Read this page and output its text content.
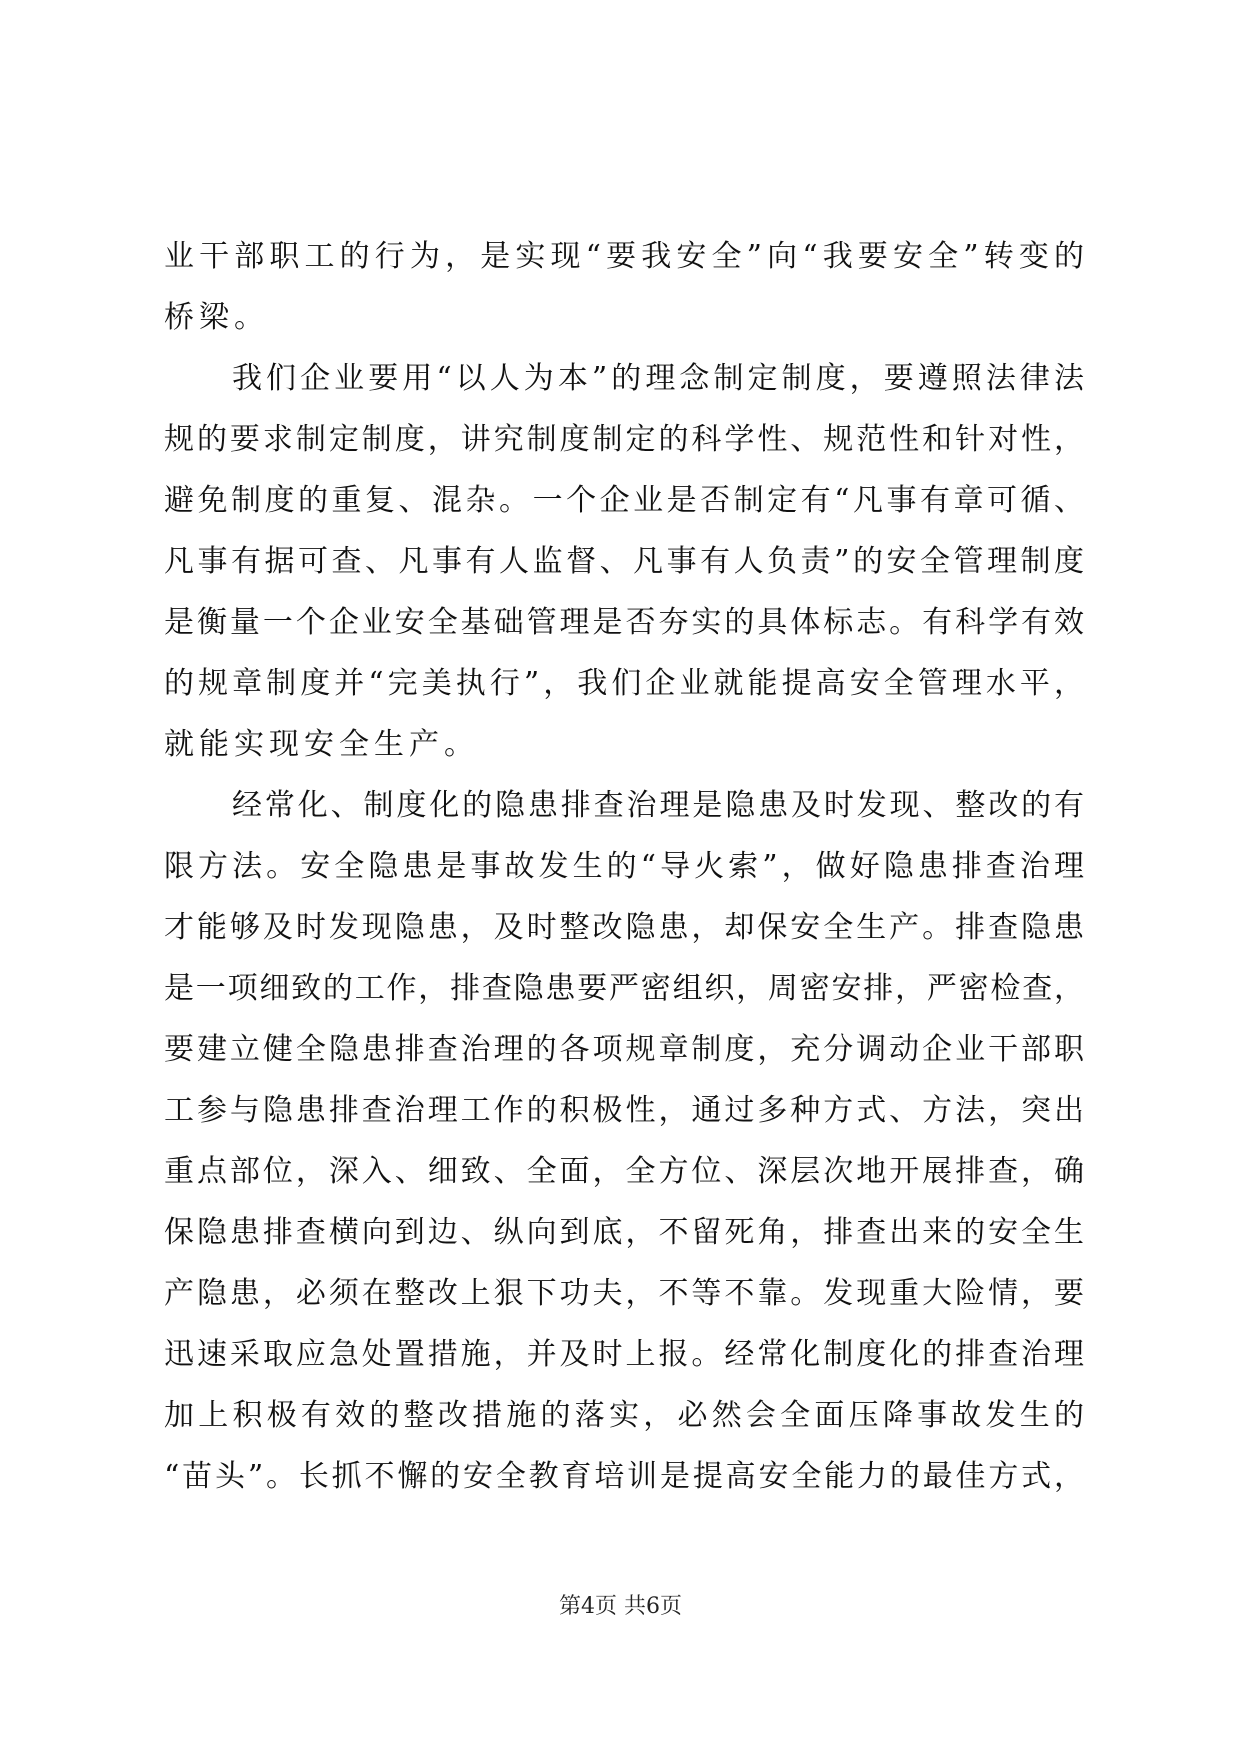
业干部职工的行为，是实现“要我安全”向“我要安全”转变的
桥梁。
我们企业要用“以人为本”的理念制定制度，要遵照法律法
规的要求制定制度，讲究制度制定的科学性、规范性和针对性，
避免制度的重复、混杂。一个企业是否制定有“凡事有章可循、
凡事有据可查、凡事有人监督、凡事有人负责”的安全管理制度
是衡量一个企业安全基础管理是否夯实的具体标志。有科学有效
的规章制度并“完美执行”，我们企业就能提高安全管理水平，
就能实现安全生产。
经常化、制度化的隐患排查治理是隐患及时发现、整改的有
限方法。安全隐患是事故发生的“导火索”，做好隐患排查治理
才能够及时发现隐患，及时整改隐患，却保安全生产。排查隐患
是一项细致的工作，排查隐患要严密组织，周密安排，严密检查，
要建立健全隐患排查治理的各项规章制度，充分调动企业干部职
工参与隐患排查治理工作的积极性，通过多种方式、方法，突出
重点部位，深入、细致、全面，全方位、深层次地开展排查，确
保隐患排查横向到边、纵向到底，不留死角，排查出来的安全生
产隐患，必须在整改上狠下功夫，不等不靠。发现重大险情，要
迅速采取应急处置措施，并及时上报。经常化制度化的排查治理
加上积极有效的整改措施的落实，必然会全面压降事故发生的
“苗头”。长抓不懈的安全教育培训是提高安全能力的最佳方式，
第4页 共6页
